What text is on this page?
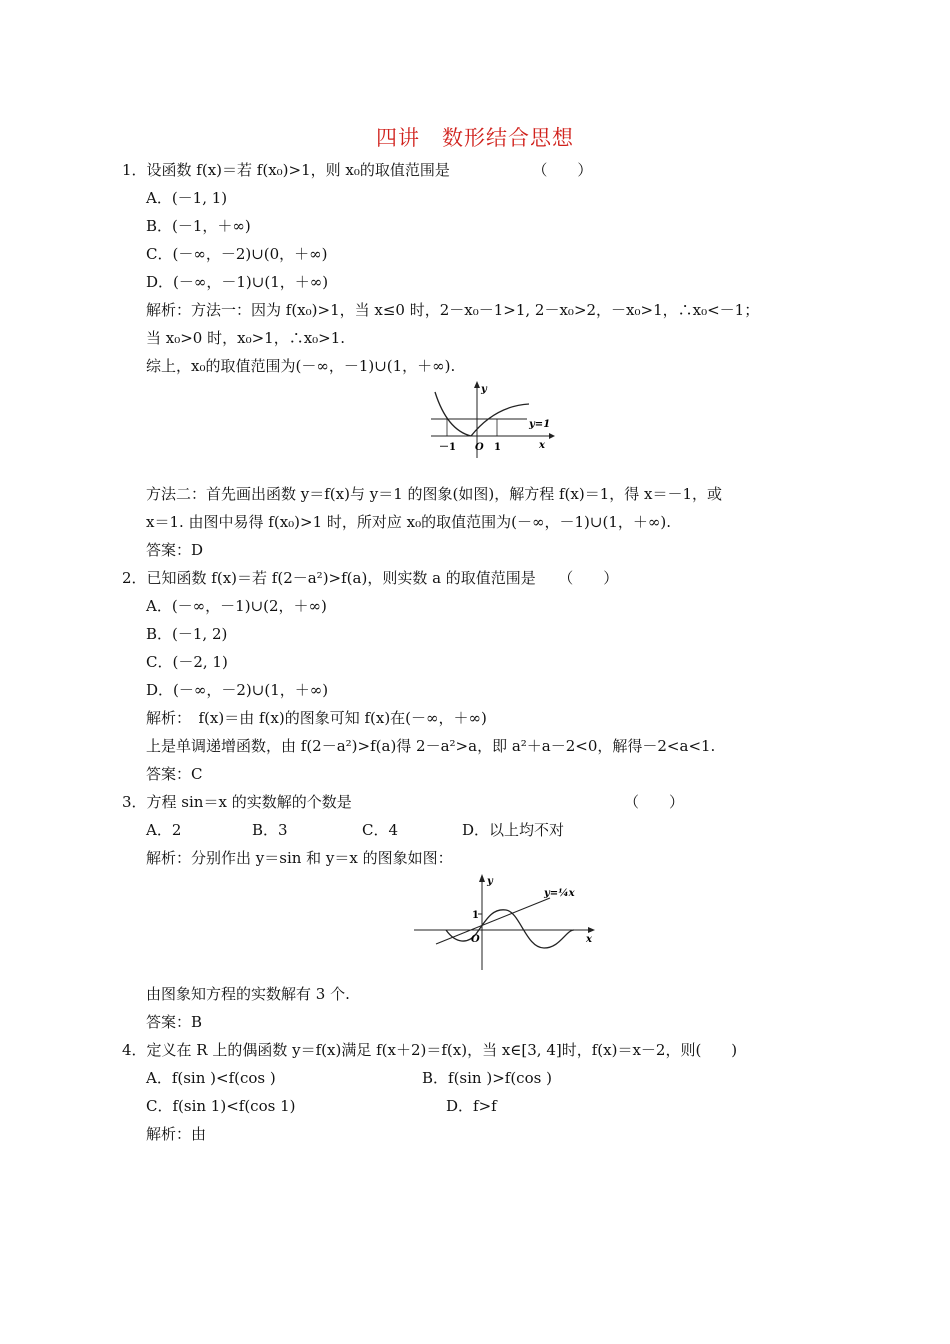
四讲　数形结合思想
1．设函数 f(x)＝若 f(x₀)>1，则 x₀的取值范围是　　　　　　（　　）
A．(－1, 1)
B．(－1，＋∞)
C．(－∞，－2)∪(0，＋∞)
D．(－∞，－1)∪(1，＋∞)
解析：方法一：因为 f(x₀)>1，当 x≤0 时，2－x₀－1>1, 2－x₀>2，－x₀>1，∴x₀<－1；
当 x₀>0 时，x₀>1，∴x₀>1.
综上，x₀的取值范围为(－∞，－1)∪(1，＋∞).
y
x
y=1
－1 O 1
方法二：首先画出函数 y＝f(x)与 y＝1 的图象(如图)，解方程 f(x)＝1，得 x＝－1，或
x＝1. 由图中易得 f(x₀)>1 时，所对应 x₀的取值范围为(－∞，－1)∪(1，＋∞).
答案：D
2．已知函数 f(x)＝若 f(2－a²)>f(a)，则实数 a 的取值范围是　　（　　）
A．(－∞，－1)∪(2，＋∞)
B．(－1, 2)
C．(－2, 1)
D．(－∞，－2)∪(1，＋∞)
解析：　f(x)＝由 f(x)的图象可知 f(x)在(－∞，＋∞)
上是单调递增函数，由 f(2－a²)>f(a)得 2－a²>a，即 a²＋a－2<0，解得－2<a<1.
答案：C
3．方程 sin＝x 的实数解的个数是	（　　）
A．2	B．3	C．4	D．以上均不对
解析：分别作出 y＝sin 和 y＝x 的图象如图：
y
x
y=¼x
1
O
由图象知方程的实数解有 3 个.
答案：B
4．定义在 R 上的偶函数 y＝f(x)满足 f(x＋2)＝f(x)，当 x∈[3, 4]时，f(x)＝x－2，则(　　)
A．f(sin )<f(cos )	B．f(sin )>f(cos )
C．f(sin 1)<f(cos 1)	D．f>f
解析：由
